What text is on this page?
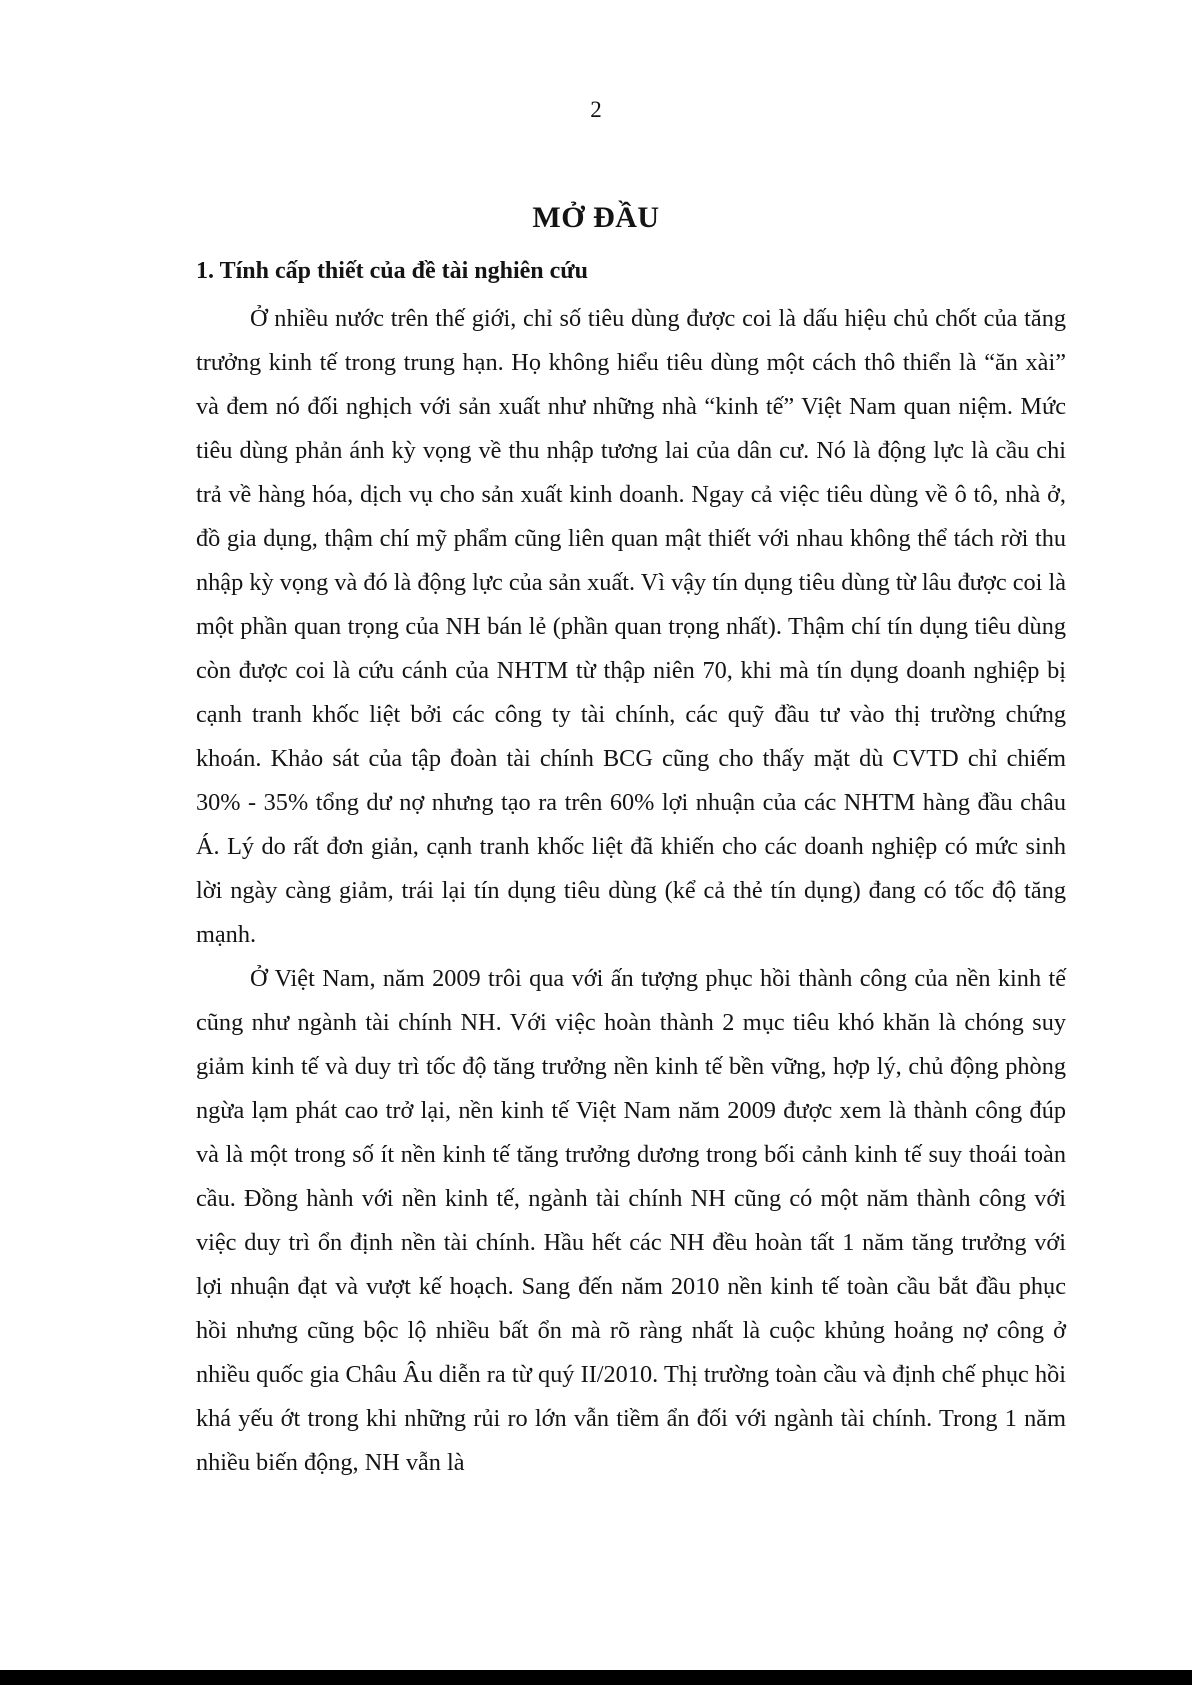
2
MỞ ĐẦU
1. Tính cấp thiết của đề tài nghiên cứu

Ở nhiều nước trên thế giới, chỉ số tiêu dùng được coi là dấu hiệu chủ chốt của tăng trưởng kinh tế trong trung hạn. Họ không hiểu tiêu dùng một cách thô thiển là “ăn xài” và đem nó đối nghịch với sản xuất như những nhà “kinh tế” Việt Nam quan niệm. Mức tiêu dùng phản ánh kỳ vọng về thu nhập tương lai của dân cư. Nó là động lực là cầu chi trả về hàng hóa, dịch vụ cho sản xuất kinh doanh. Ngay cả việc tiêu dùng về ô tô, nhà ở, đồ gia dụng, thậm chí mỹ phẩm cũng liên quan mật thiết với nhau không thể tách rời thu nhập kỳ vọng và đó là động lực của sản xuất. Vì vậy tín dụng tiêu dùng từ lâu được coi là một phần quan trọng của NH bán lẻ (phần quan trọng nhất). Thậm chí tín dụng tiêu dùng còn được coi là cứu cánh của NHTM từ thập niên 70, khi mà tín dụng doanh nghiệp bị cạnh tranh khốc liệt bởi các công ty tài chính, các quỹ đầu tư vào thị trường chứng khoán. Khảo sát của tập đoàn tài chính BCG cũng cho thấy mặt dù CVTD chỉ chiếm 30% - 35% tổng dư nợ nhưng tạo ra trên 60% lợi nhuận của các NHTM hàng đầu châu Á. Lý do rất đơn giản, cạnh tranh khốc liệt đã khiến cho các doanh nghiệp có mức sinh lời ngày càng giảm, trái lại tín dụng tiêu dùng (kể cả thẻ tín dụng) đang có tốc độ tăng mạnh.

Ở Việt Nam, năm 2009 trôi qua với ấn tượng phục hồi thành công của nền kinh tế cũng như ngành tài chính NH. Với việc hoàn thành 2 mục tiêu khó khăn là chóng suy giảm kinh tế và duy trì tốc độ tăng trưởng nền kinh tế bền vững, hợp lý, chủ động phòng ngừa lạm phát cao trở lại, nền kinh tế Việt Nam năm 2009 được xem là thành công đúp và là một trong số ít nền kinh tế tăng trưởng dương trong bối cảnh kinh tế suy thoái toàn cầu. Đồng hành với nền kinh tế, ngành tài chính NH cũng có một năm thành công với việc duy trì ổn định nền tài chính. Hầu hết các NH đều hoàn tất 1 năm tăng trưởng với lợi nhuận đạt và vượt kế hoạch. Sang đến năm 2010 nền kinh tế toàn cầu bắt đầu phục hồi nhưng cũng bộc lộ nhiều bất ổn mà rõ ràng nhất là cuộc khủng hoảng nợ công ở nhiều quốc gia Châu Âu diễn ra từ quý II/2010. Thị trường toàn cầu và định chế phục hồi khá yếu ớt trong khi những rủi ro lớn vẫn tiềm ẩn đối với ngành tài chính. Trong 1 năm nhiều biến động, NH vẫn là
